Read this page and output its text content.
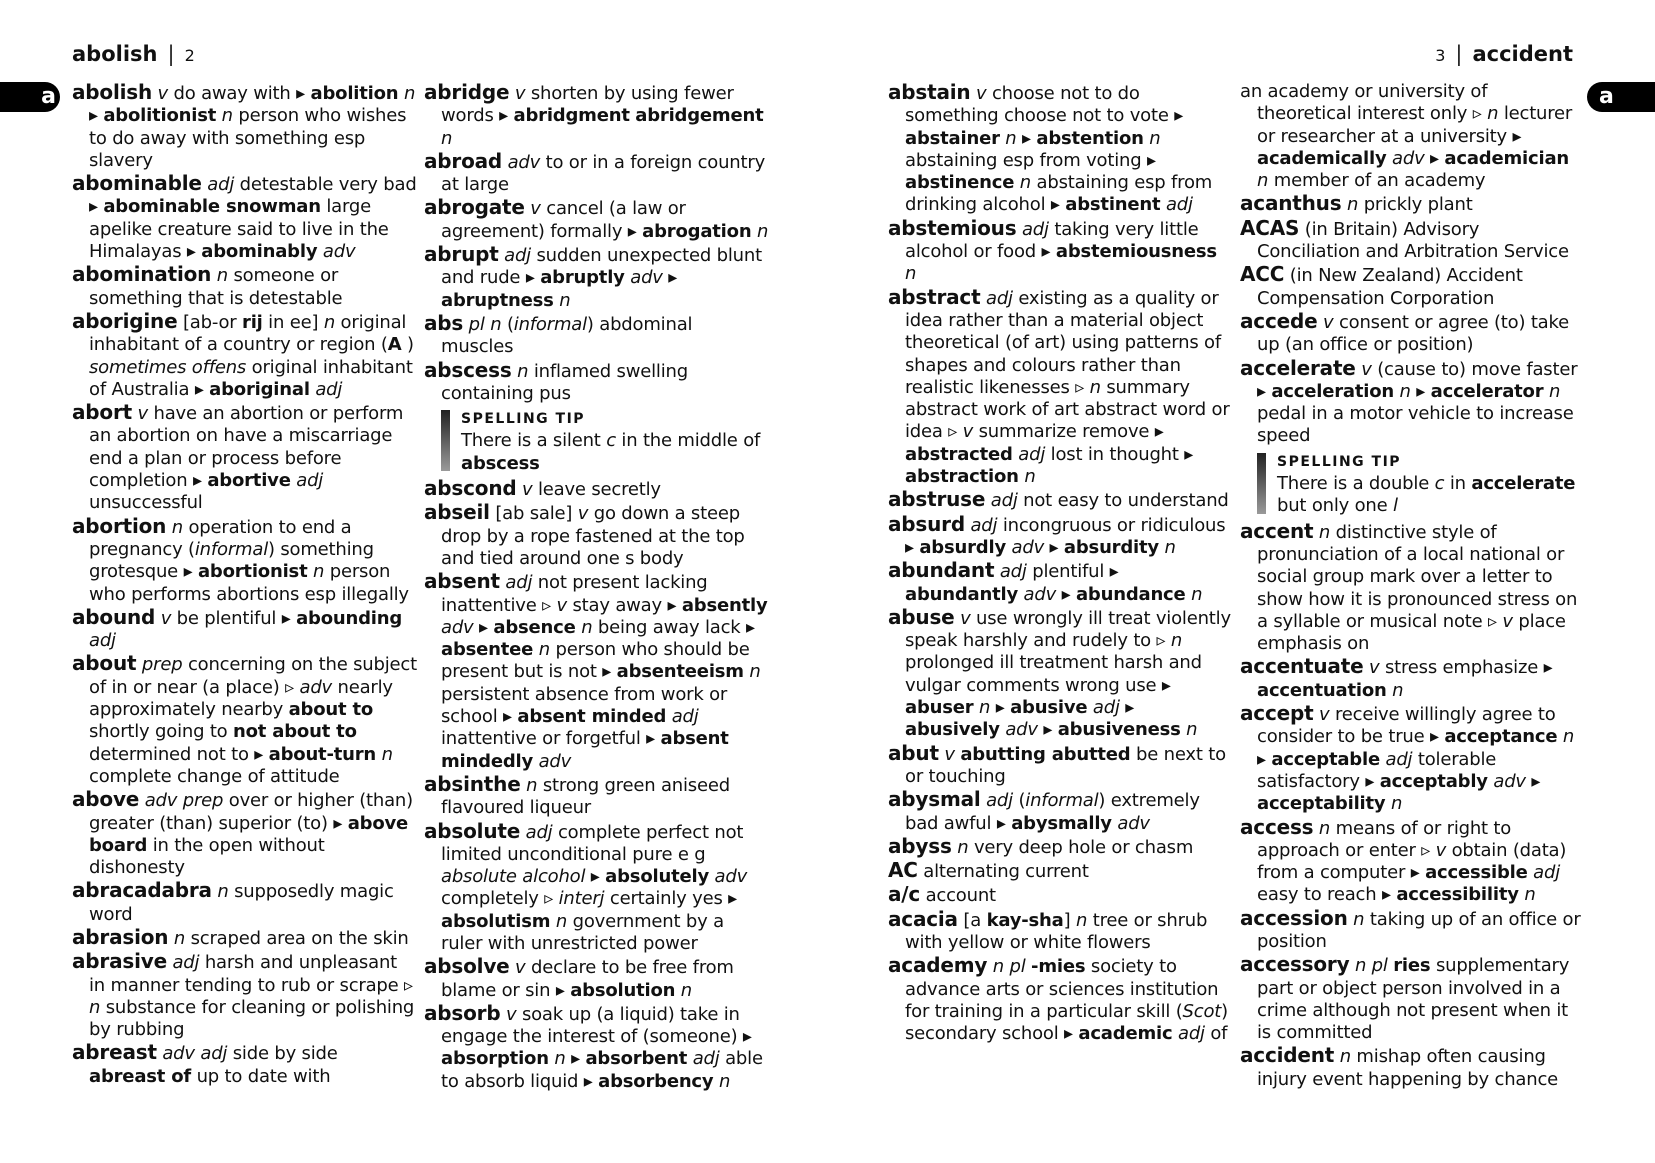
abolish | 2	3 | accident
a	a

abolish v do away with ▸ abolition n ▸ abolitionist n person who wishes to do away with something esp slavery

abominable adj detestable very bad ▸ abominable snowman large apelike creature said to live in the Himalayas ▸ abominably adv

abomination n someone or something that is detestable

aborigine [ab-or rij in ee] n original inhabitant of a country or region (A ) sometimes offens original inhabitant of Australia ▸ aboriginal adj

abort v have an abortion or perform an abortion on have a miscarriage end a plan or process before completion ▸ abortive adj unsuccessful

abortion n operation to end a pregnancy (informal) something grotesque ▸ abortionist n person who performs abortions esp illegally

abound v be plentiful ▸ abounding adj

about prep concerning on the subject of in or near (a place) ▹ adv nearly approximately nearby about to shortly going to not about to determined not to ▸ about-turn n complete change of attitude

above adv prep over or higher (than) greater (than) superior (to) ▸ above board in the open without dishonesty

abracadabra n supposedly magic word

abrasion n scraped area on the skin

abrasive adj harsh and unpleasant in manner tending to rub or scrape ▹ n substance for cleaning or polishing by rubbing

abreast adv adj side by side abreast of up to date with

abridge v shorten by using fewer words ▸ abridgment abridgement n

abroad adv to or in a foreign country at large

abrogate v cancel (a law or agreement) formally ▸ abrogation n

abrupt adj sudden unexpected blunt and rude ▸ abruptly adv ▸ abruptness n

abs pl n (informal) abdominal muscles

abscess n inflamed swelling containing pus

SPELLING TIP
There is a silent c in the middle of abscess

abscond v leave secretly

abseil [ab sale] v go down a steep drop by a rope fastened at the top and tied around one s body

absent adj not present lacking inattentive ▹ v stay away ▸ absently adv ▸ absence n being away lack ▸ absentee n person who should be present but is not ▸ absenteeism n persistent absence from work or school ▸ absent minded adj inattentive or forgetful ▸ absent mindedly adv

absinthe n strong green aniseed flavoured liqueur

absolute adj complete perfect not limited unconditional pure e g absolute alcohol ▸ absolutely adv completely ▹ interj certainly yes ▸ absolutism n government by a ruler with unrestricted power

absolve v declare to be free from blame or sin ▸ absolution n

absorb v soak up (a liquid) take in engage the interest of (someone) ▸ absorption n ▸ absorbent adj able to absorb liquid ▸ absorbency n

abstain v choose not to do something choose not to vote ▸ abstainer n ▸ abstention n abstaining esp from voting ▸ abstinence n abstaining esp from drinking alcohol ▸ abstinent adj

abstemious adj taking very little alcohol or food ▸ abstemiousness n

abstract adj existing as a quality or idea rather than a material object theoretical (of art) using patterns of shapes and colours rather than realistic likenesses ▹ n summary abstract work of art abstract word or idea ▹ v summarize remove ▸ abstracted adj lost in thought ▸ abstraction n

abstruse adj not easy to understand

absurd adj incongruous or ridiculous ▸ absurdly adv ▸ absurdity n

abundant adj plentiful ▸ abundantly adv ▸ abundance n

abuse v use wrongly ill treat violently speak harshly and rudely to ▹ n prolonged ill treatment harsh and vulgar comments wrong use ▸ abuser n ▸ abusive adj ▸ abusively adv ▸ abusiveness n

abut v abutting abutted be next to or touching

abysmal adj (informal) extremely bad awful ▸ abysmally adv

abyss n very deep hole or chasm

AC alternating current

a/c account

acacia [a kay-sha] n tree or shrub with yellow or white flowers

academy n pl -mies society to advance arts or sciences institution for training in a particular skill (Scot) secondary school ▸ academic adj of

an academy or university of theoretical interest only ▹ n lecturer or researcher at a university ▸ academically adv ▸ academician n member of an academy

acanthus n prickly plant

ACAS (in Britain) Advisory Conciliation and Arbitration Service

ACC (in New Zealand) Accident Compensation Corporation

accede v consent or agree (to) take up (an office or position)

accelerate v (cause to) move faster ▸ acceleration n ▸ accelerator n pedal in a motor vehicle to increase speed

SPELLING TIP
There is a double c in accelerate but only one l

accent n distinctive style of pronunciation of a local national or social group mark over a letter to show how it is pronounced stress on a syllable or musical note ▹ v place emphasis on

accentuate v stress emphasize ▸ accentuation n

accept v receive willingly agree to consider to be true ▸ acceptance n ▸ acceptable adj tolerable satisfactory ▸ acceptably adv ▸ acceptability n

access n means of or right to approach or enter ▹ v obtain (data) from a computer ▸ accessible adj easy to reach ▸ accessibility n

accession n taking up of an office or position

accessory n pl ries supplementary part or object person involved in a crime although not present when it is committed

accident n mishap often causing injury event happening by chance
